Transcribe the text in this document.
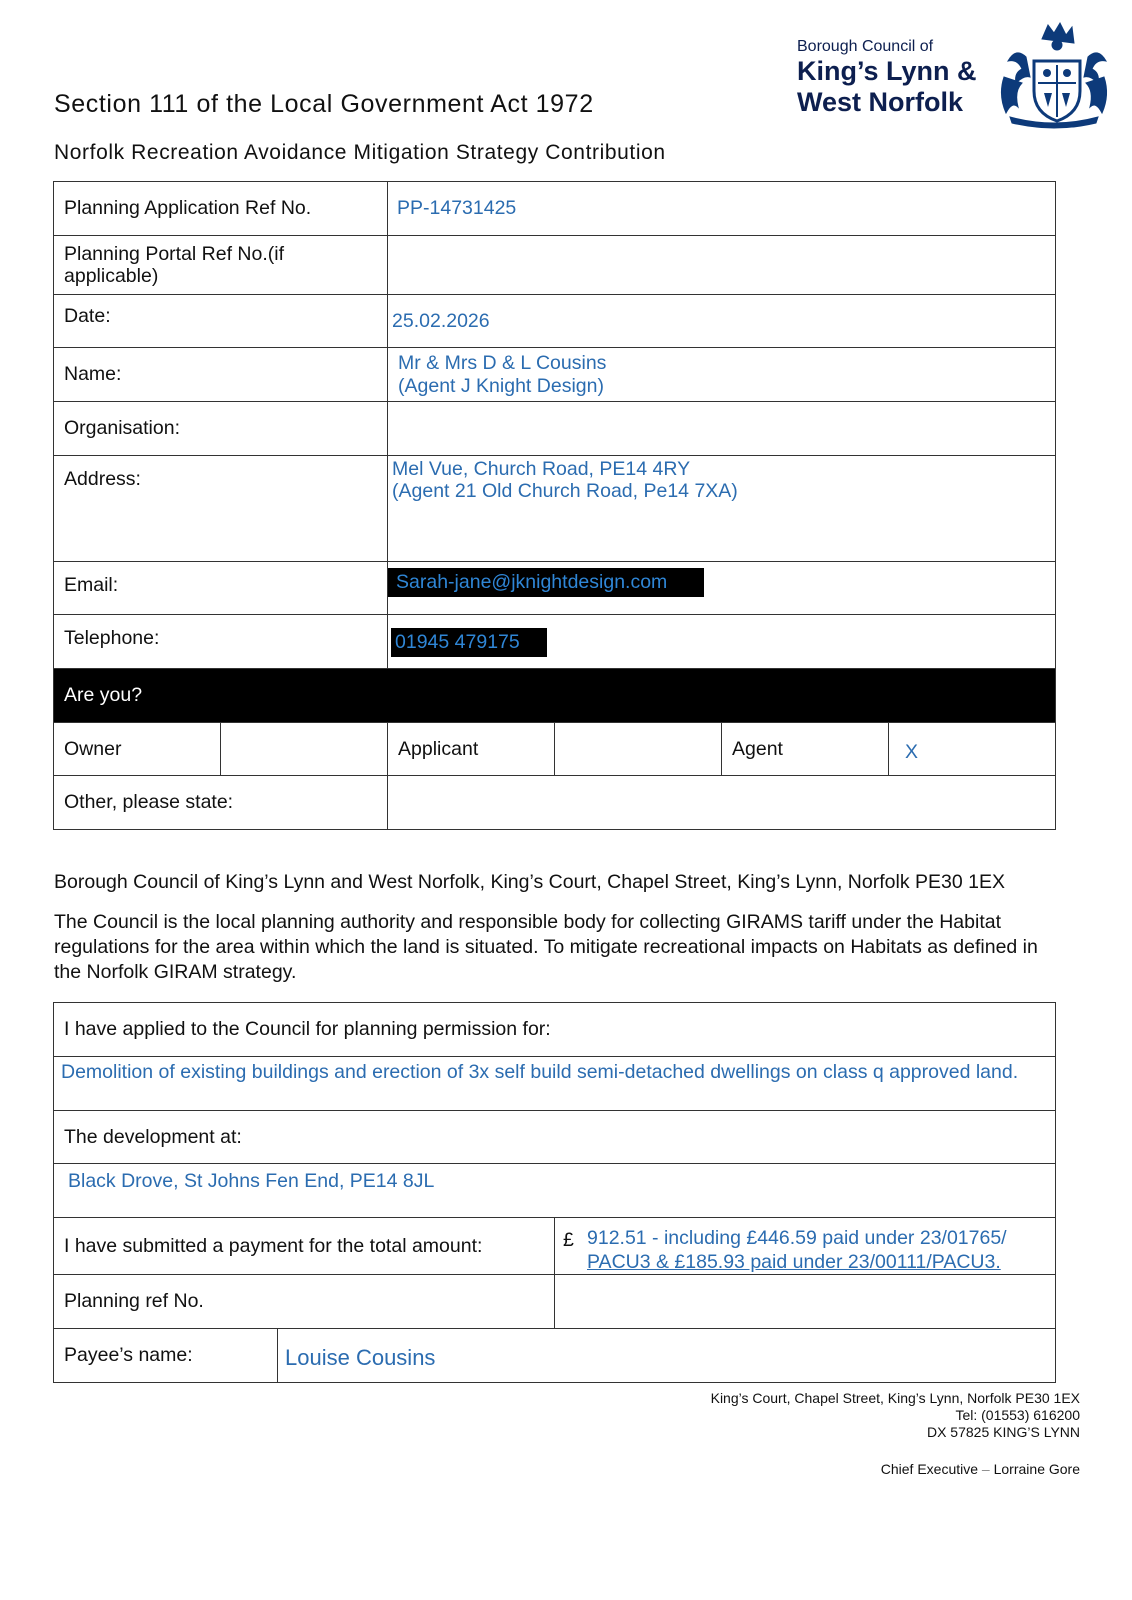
Section 111 of the Local Government Act 1972
Norfolk Recreation Avoidance Mitigation Strategy Contribution
Borough Council of
King’s Lynn &
West Norfolk
Planning Application Ref No.		PP-14731425			
Planning Portal Ref No.(if applicable)					
Date:		25.02.2026			
Name:		Mr & Mrs D & L Cousins
(Agent J Knight Design)			

Organisation:					
Address:		Mel Vue, Church Road, PE14 4RY
(Agent 21 Old Church Road, Pe14 7XA)			

Email:		Sarah-jane@jknightdesign.com			
Telephone:		01945 479175			
Are you?					
Owner		Applicant		Agent	X
Other, please state:					
Borough Council of King’s Lynn and West Norfolk, King’s Court, Chapel Street, King’s Lynn, Norfolk PE30 1EX
The Council is the local planning authority and responsible body for collecting GIRAMS tariff under the Habitat regulations for the area within which the land is situated. To mitigate recreational impacts on Habitats as defined in the Norfolk GIRAM strategy.
I have applied to the Council for planning permission for:		
Demolition of existing buildings and erection of 3x self build semi-detached dwellings on class q approved land.		
The development at:		
Black Drove, St Johns Fen End, PE14 8JL		
I have submitted a payment for the total amount:		£ 912.51 - including £446.59 paid under 23/01765/
PACU3 & £185.93 paid under 23/00111/PACU3.

Planning ref No.		
Payee’s name:	Louise Cousins	
King’s Court, Chapel Street, King’s Lynn, Norfolk PE30 1EX
Tel: (01553) 616200
DX 57825 KING’S LYNN
Chief Executive – Lorraine Gore
